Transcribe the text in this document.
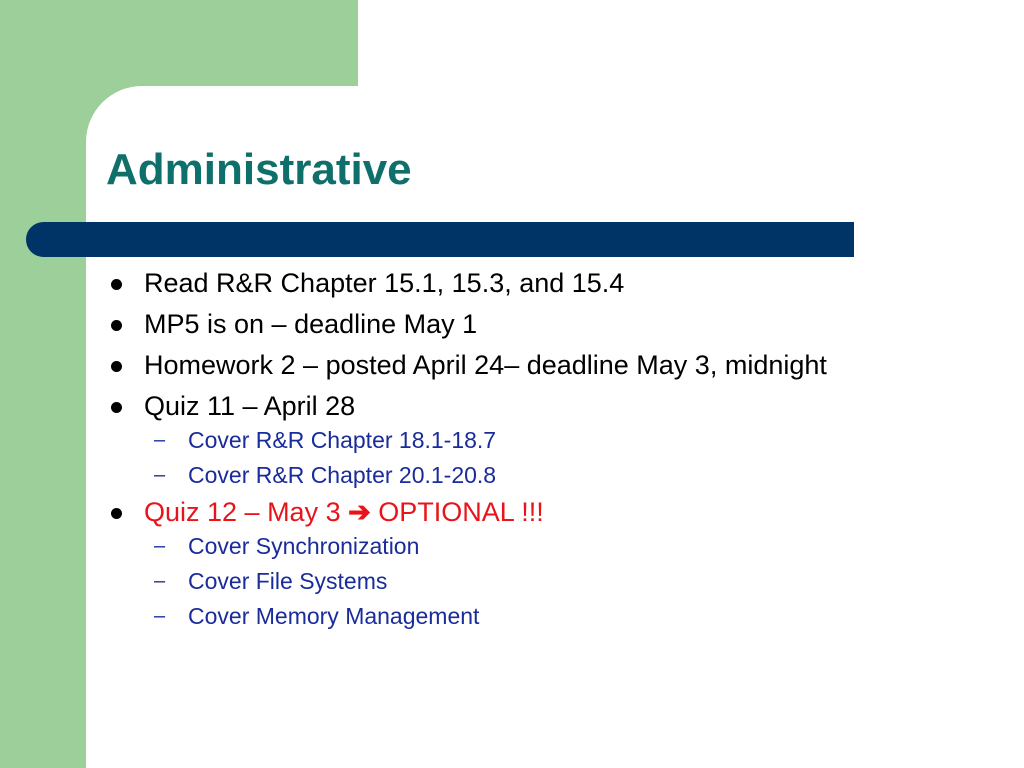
Administrative
Read R&R Chapter 15.1, 15.3, and 15.4
MP5 is on – deadline May 1
Homework 2 – posted April 24– deadline May 3, midnight
Quiz 11 – April 28
– Cover R&R Chapter 18.1-18.7
– Cover R&R Chapter 20.1-20.8
Quiz 12 – May 3 ➔ OPTIONAL !!!
– Cover Synchronization
– Cover File Systems
– Cover Memory Management
